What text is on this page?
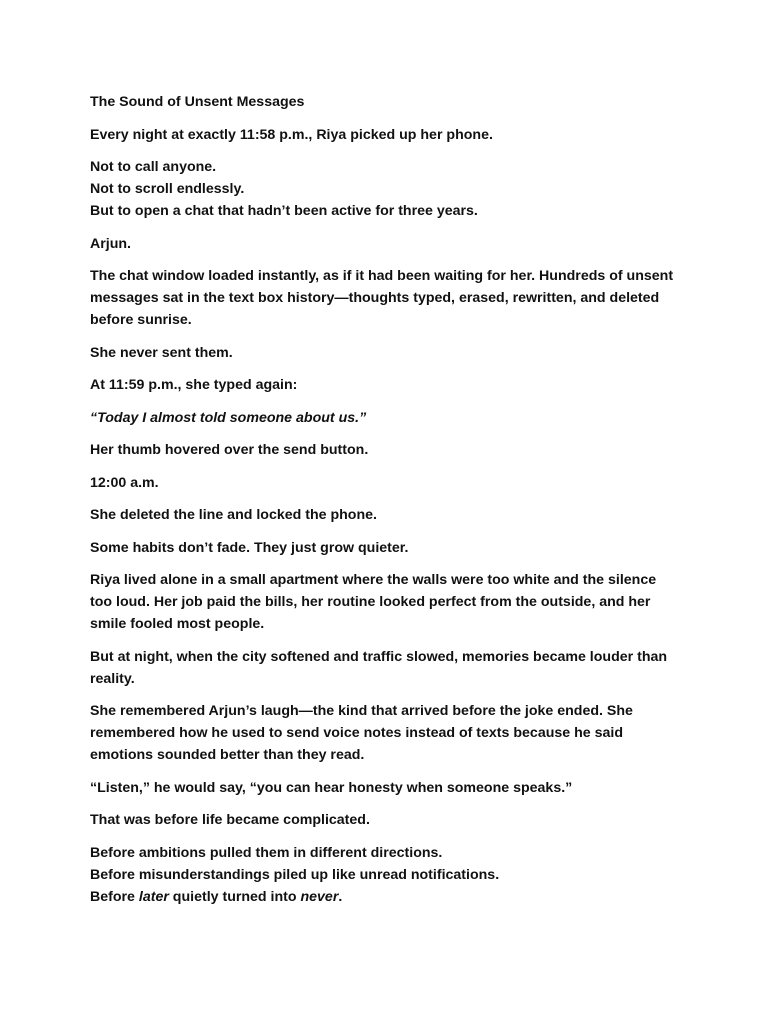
The Sound of Unsent Messages
Every night at exactly 11:58 p.m., Riya picked up her phone.
Not to call anyone.
Not to scroll endlessly.
But to open a chat that hadn’t been active for three years.
Arjun.
The chat window loaded instantly, as if it had been waiting for her. Hundreds of unsent
messages sat in the text box history—thoughts typed, erased, rewritten, and deleted
before sunrise.
She never sent them.
At 11:59 p.m., she typed again:
“Today I almost told someone about us.”
Her thumb hovered over the send button.
12:00 a.m.
She deleted the line and locked the phone.
Some habits don’t fade. They just grow quieter.
Riya lived alone in a small apartment where the walls were too white and the silence
too loud. Her job paid the bills, her routine looked perfect from the outside, and her
smile fooled most people.
But at night, when the city softened and traffic slowed, memories became louder than
reality.
She remembered Arjun’s laugh—the kind that arrived before the joke ended. She
remembered how he used to send voice notes instead of texts because he said
emotions sounded better than they read.
“Listen,” he would say, “you can hear honesty when someone speaks.”
That was before life became complicated.
Before ambitions pulled them in different directions.
Before misunderstandings piled up like unread notifications.
Before later quietly turned into never.
